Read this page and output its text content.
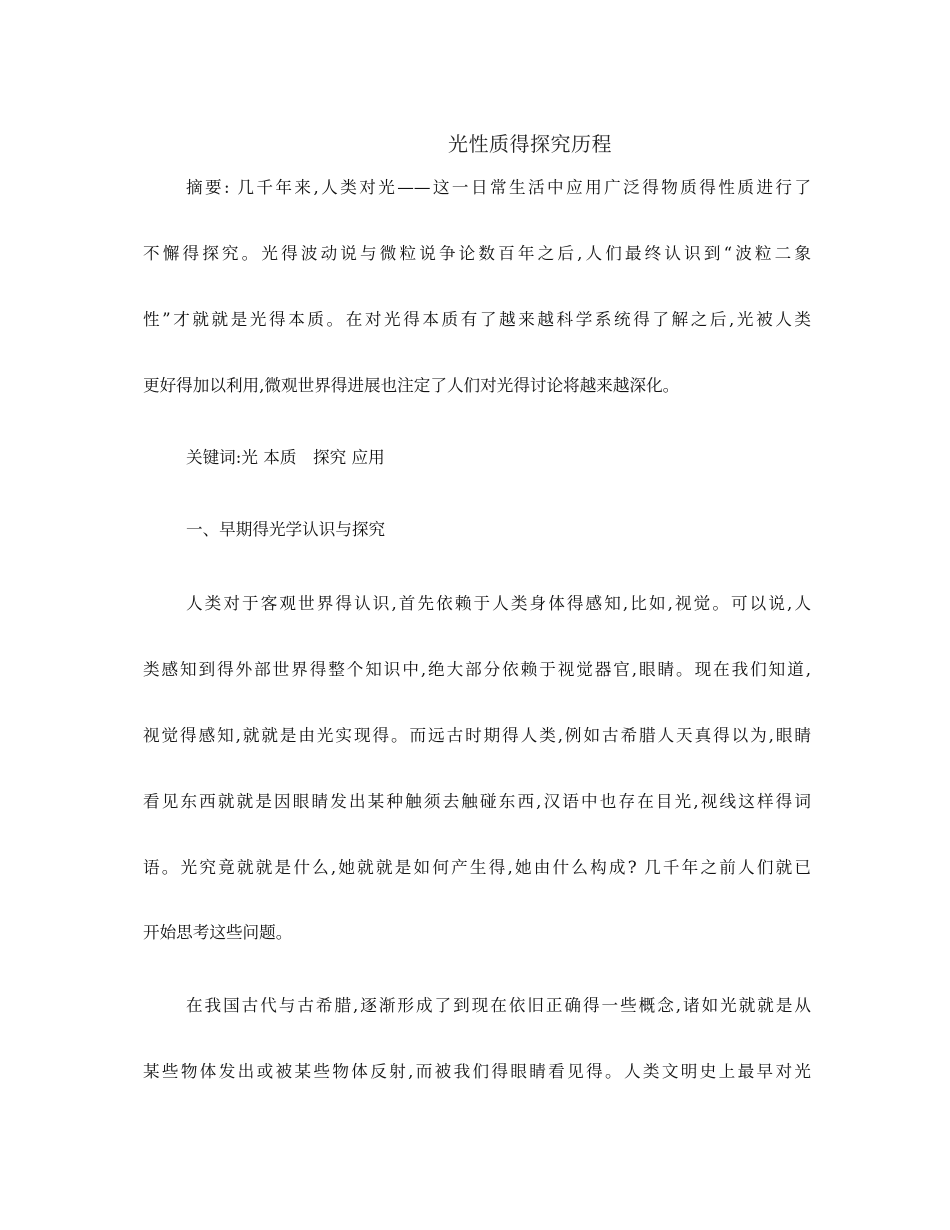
光性质得探究历程
摘要: 几千年来,人类对光——这一日常生活中应用广泛得物质得性质进行了
不懈得探究。光得波动说与微粒说争论数百年之后,人们最终认识到“波粒二象
性”才就就是光得本质。在对光得本质有了越来越科学系统得了解之后,光被人类
更好得加以利用,微观世界得进展也注定了人们对光得讨论将越来越深化。
关键词:光 本质　探究 应用
一、早期得光学认识与探究
人类对于客观世界得认识,首先依赖于人类身体得感知,比如,视觉。可以说,人
类感知到得外部世界得整个知识中,绝大部分依赖于视觉器官,眼睛。现在我们知道,
视觉得感知,就就是由光实现得。而远古时期得人类,例如古希腊人天真得以为,眼睛
看见东西就就是因眼睛发出某种触须去触碰东西,汉语中也存在目光,视线这样得词
语。光究竟就就是什么,她就就是如何产生得,她由什么构成? 几千年之前人们就已
开始思考这些问题。
在我国古代与古希腊,逐渐形成了到现在依旧正确得一些概念,诸如光就就是从
某些物体发出或被某些物体反射,而被我们得眼睛看见得。人类文明史上最早对光
